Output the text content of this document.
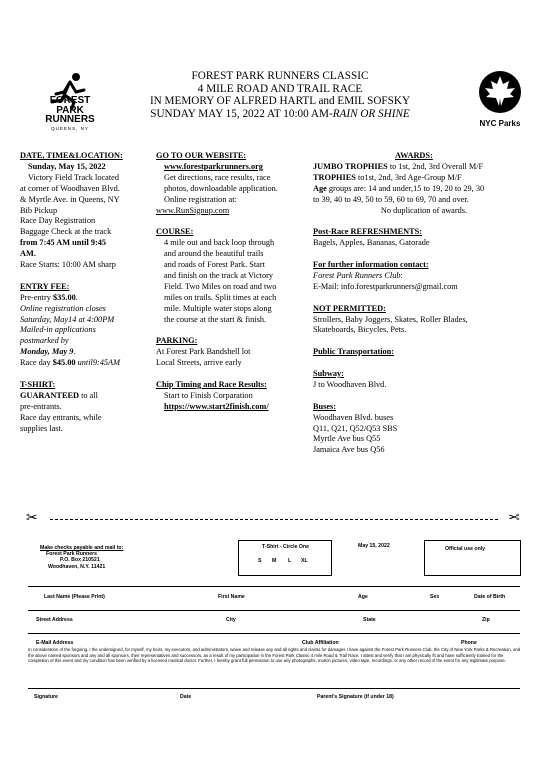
FOREST
PARK
RUNNERS
QUEENS, NY	NYC Parks
FOREST PARK RUNNERS CLASSIC
4 MILE ROAD AND TRAIL RACE
IN MEMORY OF ALFRED HARTL and EMIL SOFSKY
SUNDAY MAY 15, 2022 AT 10:00 AM-RAIN OR SHINE
DATE, TIME&LOCATION:
Sunday, May 15, 2022
Victory Field Track located
at corner of Woodhaven Blvd.
& Myrtle Ave. in Queens, NY
Bib Pickup
Race Day Registration
Baggage Check at the track
from 7:45 AM until 9:45
AM.
Race Starts: 10:00 AM sharp
ENTRY FEE:
Pre-entry $35.00.
Online registration closes
Saturday, May14 at 4:00PM
Mailed-in applications
postmarked by
Monday, May 9.
Race day $45.00 until9:45AM
T-SHIRT:
GUARANTEED to all
pre-entrants.
Race day entrants, while
supplies last.
GO TO OUR WEBSITE:
www.forestparkrunners.org
Get directions, race results, race
photos, downloadable application.
Online registration at:
www.RunSignup.com
COURSE:
4 mile out and back loop through
and around the beautiful trails
and roads of Forest Park. Start
and finish on the track at Victory
Field. Two Miles on road and two
miles on trails. Split times at each
mile. Multiple water stops along
the course at the start & finish.
PARKING:
At Forest Park Bandshell lot
Local Streets, arrive early
Chip Timing and Race Results:
Start to Finish Corparation
https://www.start2finish.com/
AWARDS:
JUMBO TROPHIES to 1st, 2nd, 3rd Overall M/F
TROPHIES to1st, 2nd, 3rd Age-Group M/F
Age groups are: 14 and under,15 to 19, 20 to 29, 30
to 39, 40 to 49, 50 to 59, 60 to 69, 70 and over.
No duplication of awards.
Post-Race REFRESHMENTS:
Bagels, Apples, Bananas, Gatorade
For further information contact:
Forest Park Runners Club:
E-Mail: info.forestparkrunners@gmail.com
NOT PERMITTED:
Strollers, Baby Joggers, Skates, Roller Blades,
Skateboards, Bicycles, Pets.
Public Transportation:
Subway:
J to Woodhaven Blvd.
Buses:
Woodhaven Blvd. buses
Q11, Q21, Q52/Q53 SBS
Myrtle Ave bus Q55
Jamaica Ave bus Q56
✂	✂
Make checks payable and mail to:
Forest Park Runners
P.O. Box 210521
Woodhaven, N.Y. 11421
T-Shirt - Circle One
S M L XL
May 15, 2022	Official use only
Last Name (Please Print)	First Name	Age	Sex	Date of Birth
Street Address	City	State	Zip
E-Mail Address	Club Affiliation	Phone
In consideration of the forgoing, I the undersigned, for myself, my heirs, my executors, and administrators, waive and release any and all rights and claims for damages I have against the Forest Park Runners Club, the City of New York Parks & Recreation, and the above named sponsors and any and all sponsors, their representatives and successors, as a result of my participation in the Forest Park Classic 4 mile Road & Trail Race. I attest and verify that I am physically fit and have sufficiently trained for the completion of this event and my condition has been verified by a licensed medical doctor. Further, I hereby grant full permission to use any photographs, motion pictures, video tape, recordings, or any other record of the event for any legitimate purpose.
Signature	Date	Parent's Signature (if under 18)
